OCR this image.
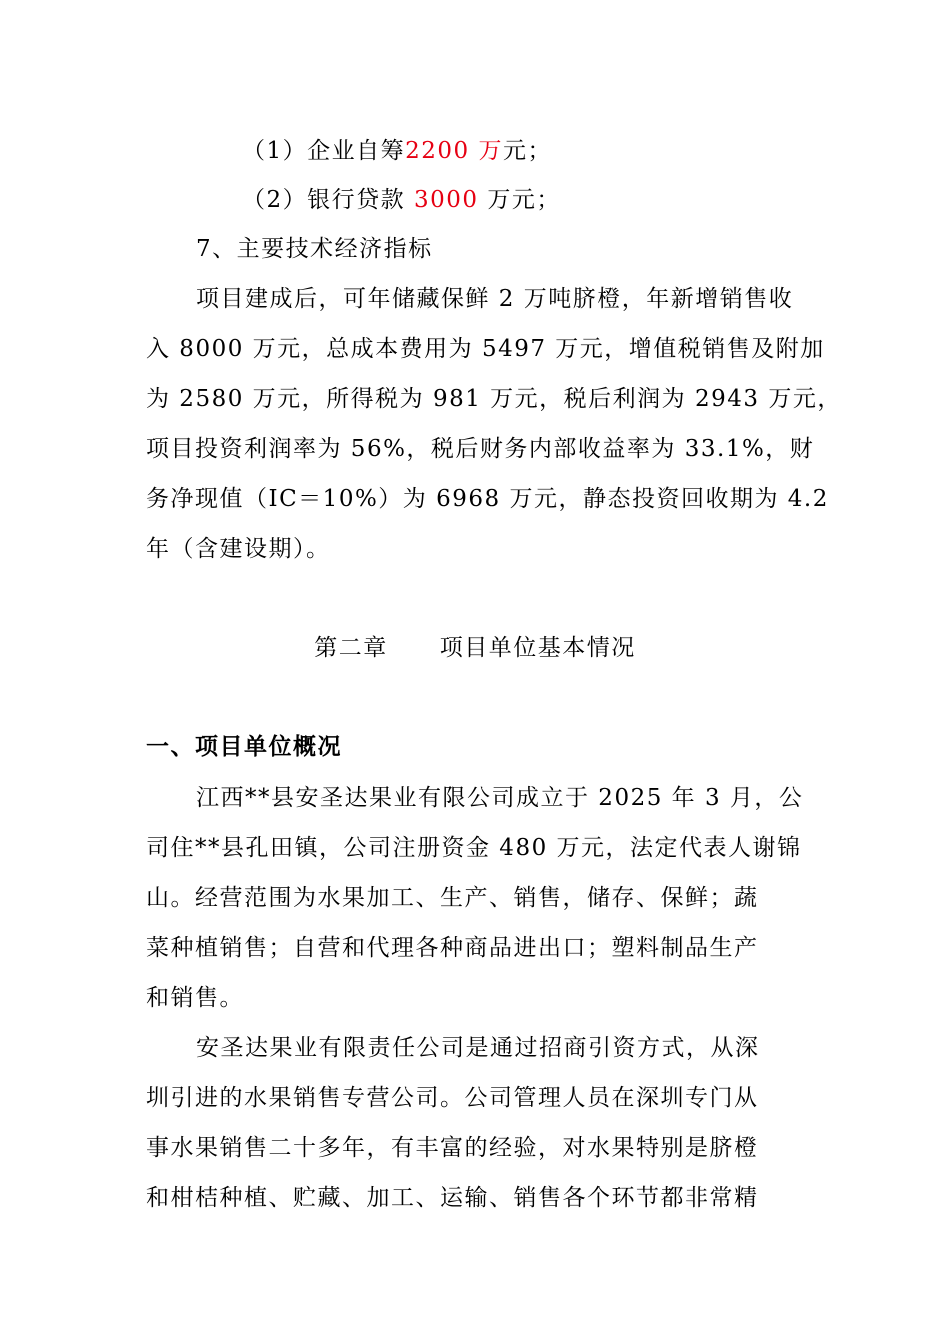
（1）企业自筹2200 万元；
（2）银行贷款 3000 万元；
7、主要技术经济指标
项目建成后，可年储藏保鲜 2 万吨脐橙，年新增销售收
入 8000 万元，总成本费用为 5497 万元，增值税销售及附加
为 2580 万元，所得税为 981 万元，税后利润为 2943 万元，
项目投资利润率为 56%，税后财务内部收益率为 33.1%，财
务净现值（IC＝10%）为 6968 万元，静态投资回收期为 4.2
年（含建设期）。
第二章 项目单位基本情况
一、项目单位概况
江西**县安圣达果业有限公司成立于 2025 年 3 月，公
司住**县孔田镇，公司注册资金 480 万元，法定代表人谢锦
山。经营范围为水果加工、生产、销售，储存、保鲜；蔬
菜种植销售；自营和代理各种商品进出口；塑料制品生产
和销售。
安圣达果业有限责任公司是通过招商引资方式，从深
圳引进的水果销售专营公司。公司管理人员在深圳专门从
事水果销售二十多年，有丰富的经验，对水果特别是脐橙
和柑桔种植、贮藏、加工、运输、销售各个环节都非常精
